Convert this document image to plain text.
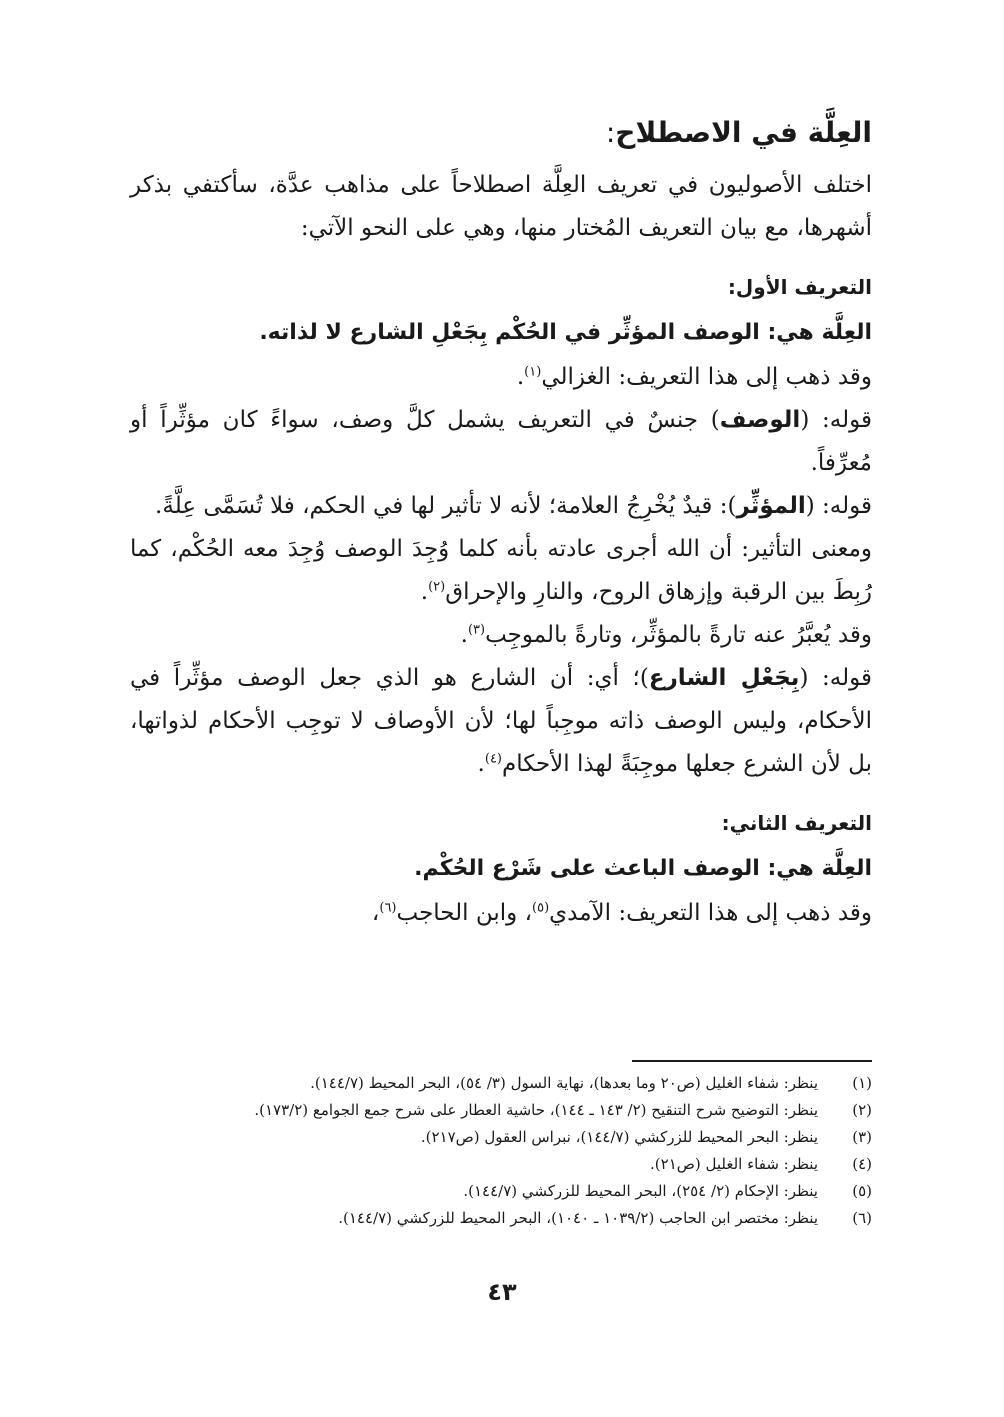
العِلَّة في الاصطلاح:

اختلف الأصوليون في تعريف العِلَّة اصطلاحاً على مذاهب عدَّة، سأكتفي بذكر أشهرها، مع بيان التعريف المُختار منها، وهي على النحو الآتي:

التعريف الأول:

العِلَّة هي: الوصف المؤثِّر في الحُكْم بِجَعْلِ الشارع لا لذاته.

وقد ذهب إلى هذا التعريف: الغزالي$^{(١)}$.

قوله: (الوصف) جنسٌ في التعريف يشمل كلَّ وصف، سواءً كان مؤثِّراً أو مُعرِّفاً.

قوله: (المؤثِّر): قيدٌ يُخْرِجُ العلامة؛ لأنه لا تأثير لها في الحكم، فلا تُسَمَّى عِلَّةً.

ومعنى التأثير: أن الله أجرى عادته بأنه كلما وُجِدَ الوصف وُجِدَ معه الحُكْم، كما رُبِطَ بين الرقبة وإزهاق الروح، والنارِ والإحراق$^{(٢)}$.

وقد يُعبَّرُ عنه تارةً بالمؤثِّر، وتارةً بالموجِب$^{(٣)}$.

قوله: (بِجَعْلِ الشارع)؛ أي: أن الشارع هو الذي جعل الوصف مؤثِّراً في الأحكام، وليس الوصف ذاته موجِباً لها؛ لأن الأوصاف لا توجِب الأحكام لذواتها، بل لأن الشرع جعلها موجِبَةً لهذا الأحكام$^{(٤)}$.

التعريف الثاني:

العِلَّة هي: الوصف الباعث على شَرْع الحُكْم.

وقد ذهب إلى هذا التعريف: الآمدي$^{(٥)}$، وابن الحاجب$^{(٦)}$،

(١)
ينظر: شفاء الغليل (ص٢٠ وما بعدها)، نهاية السول (٣/ ٥٤)، البحر المحيط (١٤٤/٧).
(٢)
ينظر: التوضيح شرح التنقيح (٢/ ١٤٣ ـ ١٤٤)، حاشية العطار على شرح جمع الجوامع (١٧٣/٢).
(٣)
ينظر: البحر المحيط للزركشي (١٤٤/٧)، نبراس العقول (ص٢١٧).
(٤)
ينظر: شفاء الغليل (ص٢١).
(٥)
ينظر: الإحكام (٢/ ٢٥٤)، البحر المحيط للزركشي (١٤٤/٧).
(٦)
ينظر: مختصر ابن الحاجب (١٠٣٩/٢ ـ ١٠٤٠)، البحر المحيط للزركشي (١٤٤/٧).
٤٣
